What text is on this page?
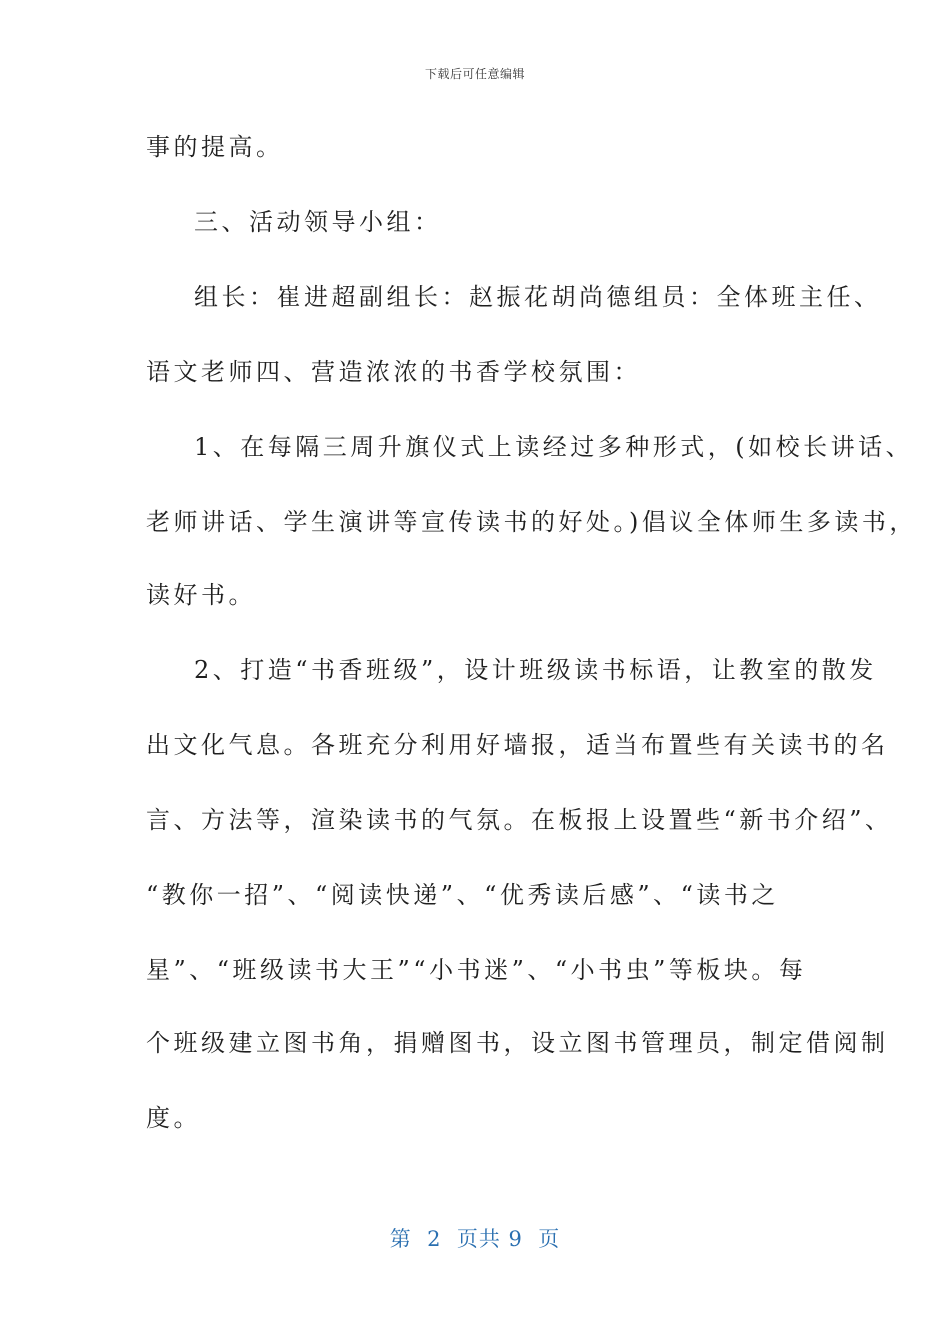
下载后可任意编辑
事的提高。
三、活动领导小组：
组长：崔进超副组长：赵振花胡尚德组员：全体班主任、
语文老师四、营造浓浓的书香学校氛围：
1、在每隔三周升旗仪式上读经过多种形式，(如校长讲话、
老师讲话、学生演讲等宣传读书的好处。)倡议全体师生多读书，
读好书。
2、打造“书香班级”，设计班级读书标语，让教室的散发
出文化气息。各班充分利用好墙报，适当布置些有关读书的名
言、方法等，渲染读书的气氛。在板报上设置些“新书介绍”、
“教你一招”、“阅读快递”、“优秀读后感”、“读书之
星”、“班级读书大王”“小书迷”、“小书虫”等板块。每
个班级建立图书角，捐赠图书，设立图书管理员，制定借阅制
度。
第  2  页共 9  页
